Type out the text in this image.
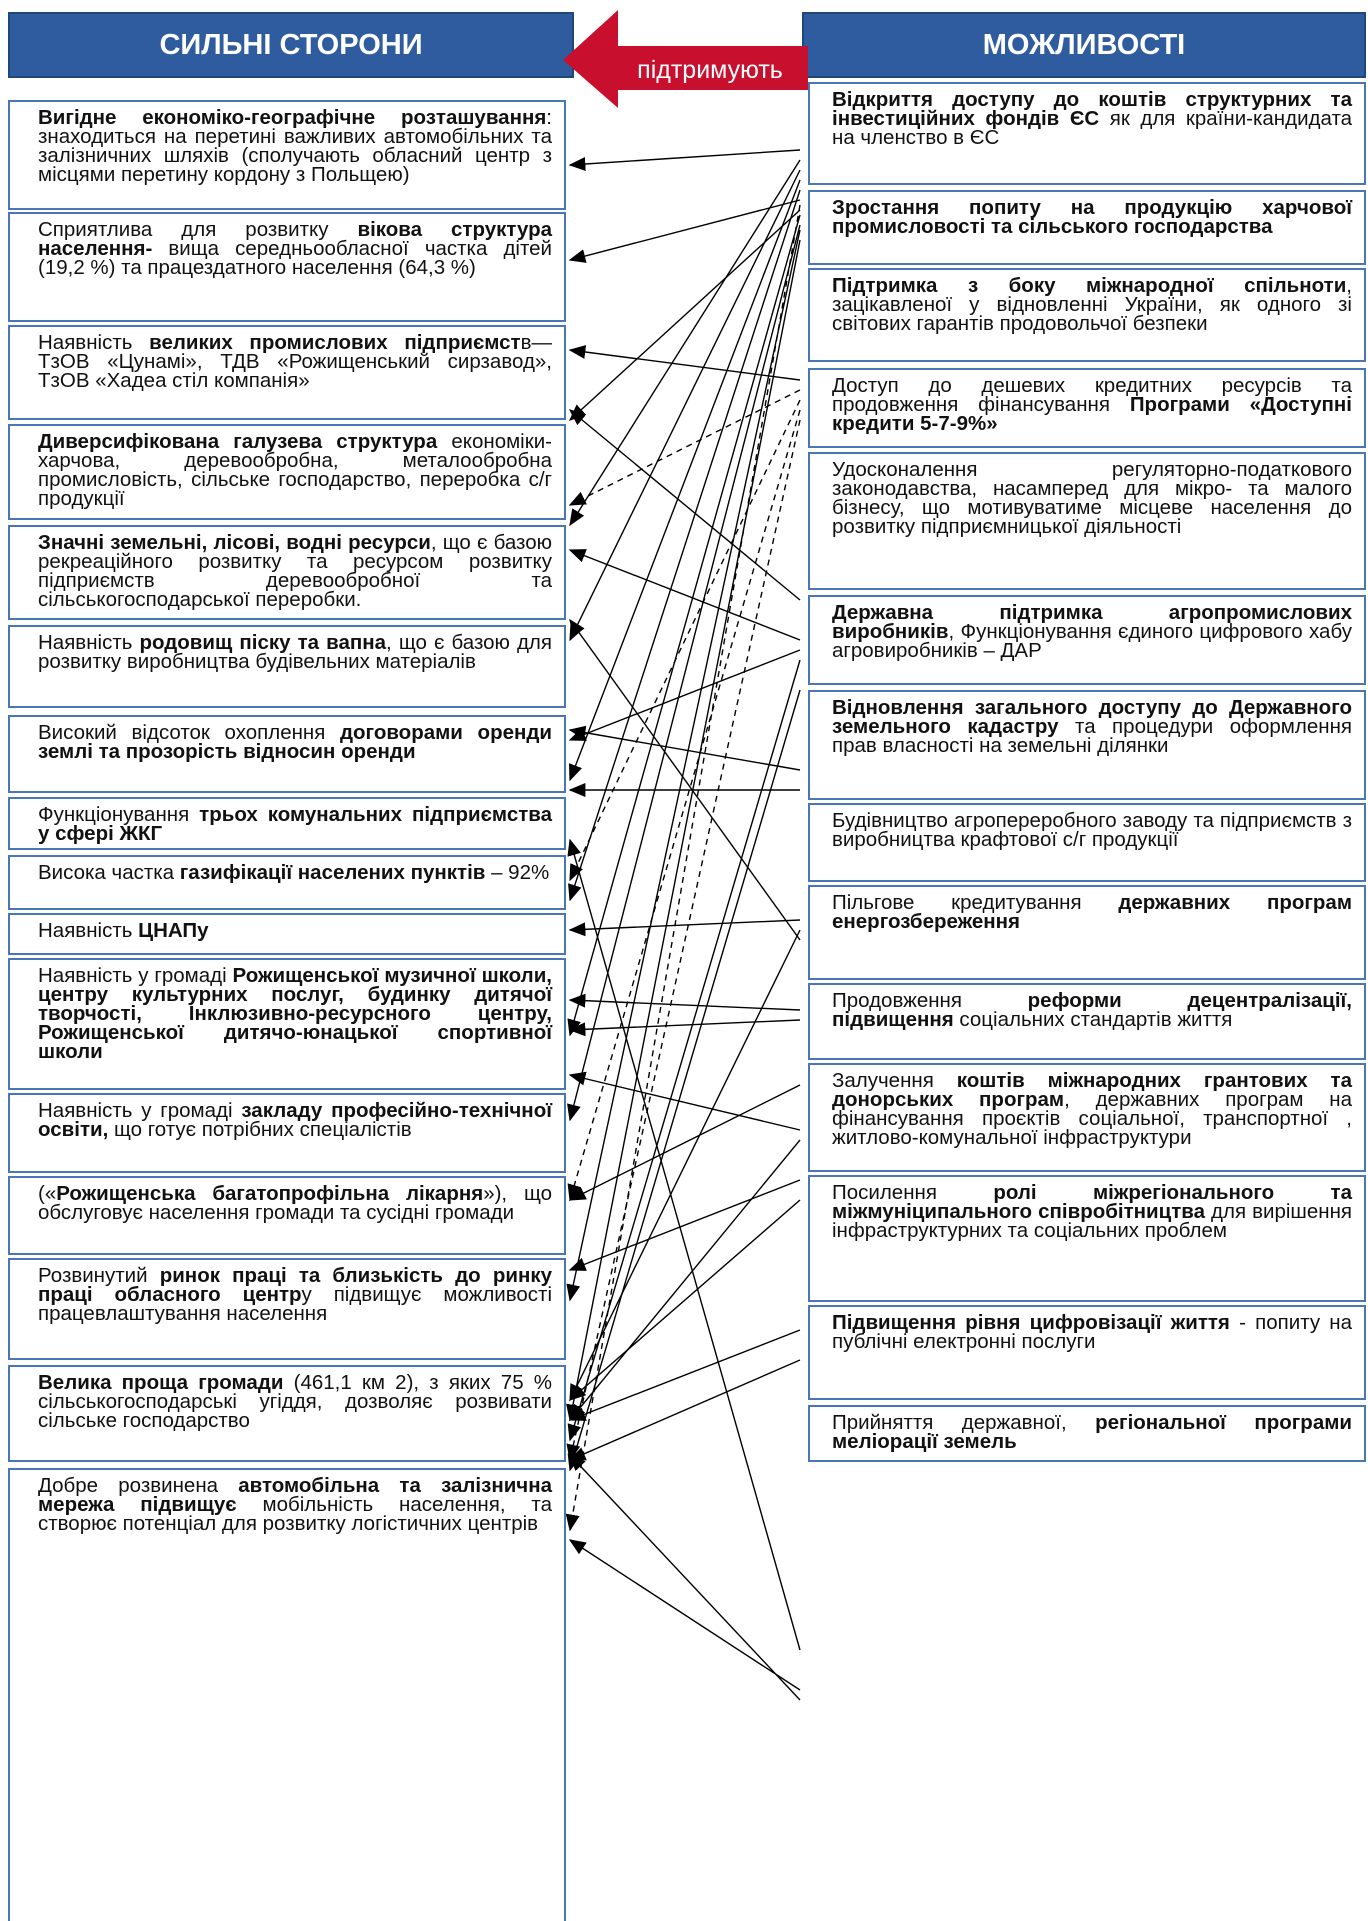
СИЛЬНІ СТОРОНИ	МОЖЛИВОСТІ
підтримують
Вигідне економіко-географічне розташування: знаходиться на перетині важливих автомобільних та залізничних шляхів (сполучають обласний центр з місцями перетину кордону з Польщею)
Сприятлива для розвитку вікова структура населення- вища середньообласної частка дітей (19,2 %) та працездатного населення (64,3 %)
Наявність великих промислових підприємств—ТзОВ «Цунамі», ТДВ «Рожищенський сирзавод», ТзОВ «Хадеа стіл компанія»
Диверсифікована галузева структура економіки- харчова, деревообробна, металообробна промисловість, сільське господарство, переробка с/г продукції
Значні земельні, лісові, водні ресурси, що є базою рекреаційного розвитку та ресурсом розвитку підприємств деревообробної та сільськогосподарської переробки.
Наявність родовищ піску та вапна, що є базою для розвитку виробництва будівельних матеріалів
Високий відсоток охоплення договорами оренди землі та прозорість відносин оренди
Функціонування трьох комунальних підприємства у сфері ЖКГ
Висока частка газифікації населених пунктів – 92%
Наявність ЦНАПу
Наявність у громаді Рожищенської музичної школи, центру культурних послуг, будинку дитячої творчості, Інклюзивно-ресурсного центру, Рожищенської дитячо-юнацької спортивної школи
Наявність у громаді закладу професійно-технічної освіти, що готує потрібних спеціалістів
(«Рожищенська багатопрофільна лікарня»), що обслуговує населення громади та сусідні громади
Розвинутий ринок праці та близькість до ринку праці обласного центру підвищує можливості працевлаштування населення
Велика проща громади (461,1 км 2), з яких 75 % сільськогосподарські угіддя, дозволяє розвивати сільське господарство
Добре розвинена автомобільна та залізнична мережа підвищує мобільність населення, та створює потенціал для розвитку логістичних центрів
Відкриття доступу до коштів структурних та інвестиційних фондів ЄС як для країни-кандидата на членство в ЄС
Зростання попиту на продукцію харчової промисловості та сільського господарства
Підтримка з боку міжнародної спільноти, зацікавленої у відновленні України, як одного зі світових гарантів продовольчої безпеки
Доступ до дешевих кредитних ресурсів та продовження фінансування Програми «Доступні кредити 5-7-9%»
Удосконалення регуляторно-податкового законодавства, насамперед для мікро- та малого бізнесу, що мотивуватиме місцеве населення до розвитку підприємницької діяльності
Державна підтримка агропромислових виробників, Функціонування єдиного цифрового хабу агровиробників – ДАР
Відновлення загального доступу до Державного земельного кадастру та процедури оформлення прав власності на земельні ділянки
Будівництво агропереробного заводу та підприємств з виробництва крафтової с/г продукції
Пільгове кредитування державних програм енергозбереження
Продовження реформи децентралізації, підвищення соціальних стандартів життя
Залучення коштів міжнародних грантових та донорських програм, державних програм на фінансування проєктів соціальної, транспортної , житлово-комунальної інфраструктури
Посилення ролі міжрегіонального та міжмуніципального співробітництва для вирішення інфраструктурних та соціальних проблем
Підвищення рівня цифровізації життя - попиту на публічні електронні послуги
Прийняття державної, регіональної програми меліорації земель
